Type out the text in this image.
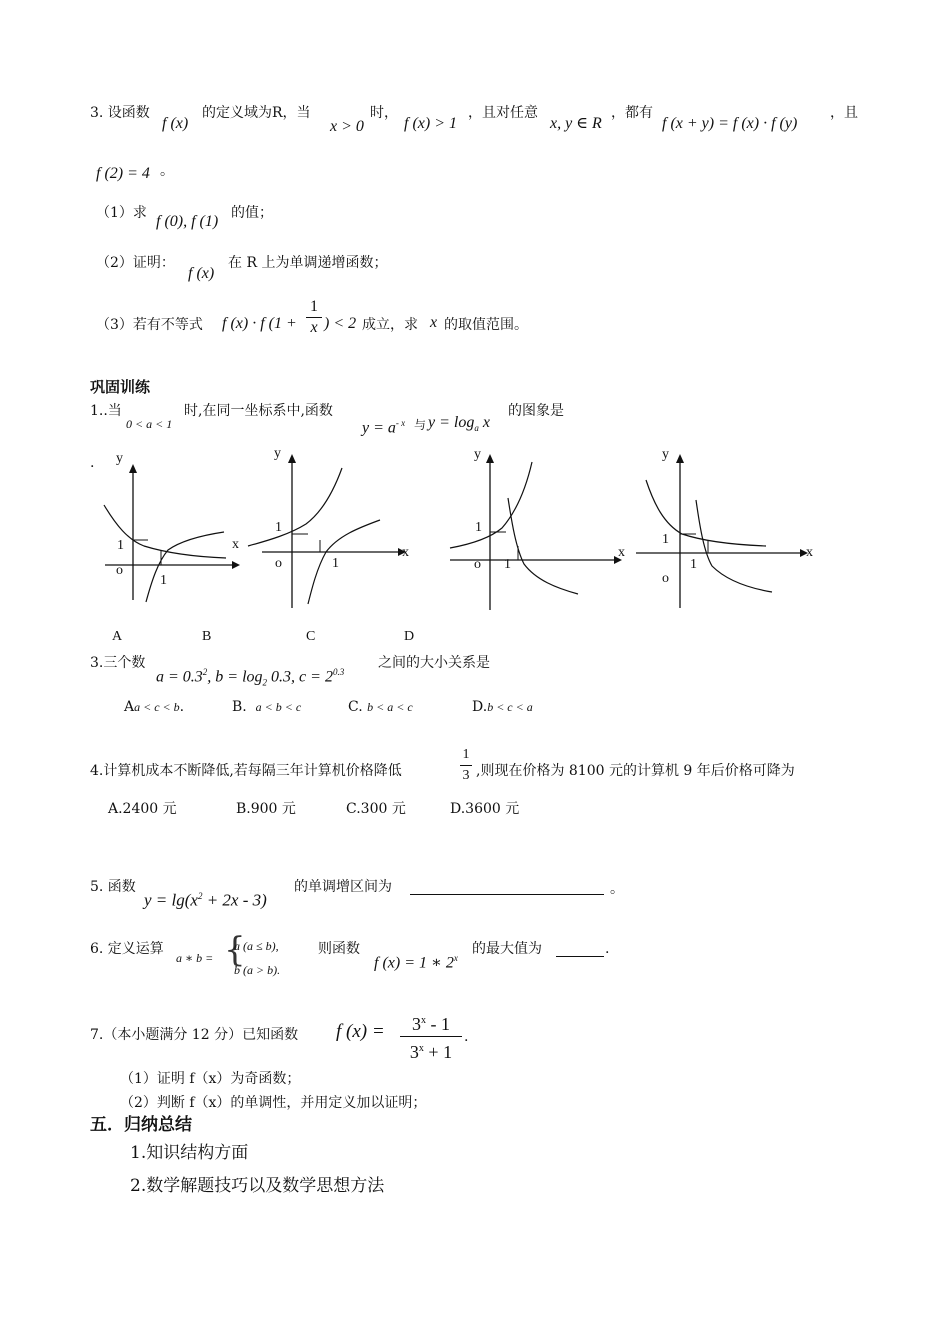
3. 设函数
f (x)
的定义域为R，当
x > 0
时，
f (x) > 1
，且对任意
x, y ∈ R
，都有
f (x + y) = f (x) · f (y)
，且
f (2) = 4 。
（1）求 f (0), f (1) 的值；
（2）证明：
f (x)
在 R 上为单调递增函数；
（3）若有不等式 f (x) · f (1 +
1
x ) < 2 成立，求 x 的取值范围。
巩固训练
1..当
0 < a < 1
时,在同一坐标系中,函数
$y = a^{- x}$ 与 $y = \log_a x$
的图象是
. y
x
1
o
1
y
x
1
o	1
y
x
1
o 1
y
x
1
o
1
A	B	C	D
3.三个数
$a = 0.3^2$, $b = \log_2 0.3$, $c = 2^{0.3}$
之间的大小关系是
Aa < c < b.	B. a < b < c	C. b < a < c	D.b < c < a
4.计算机成本不断降低,若每隔三年计算机价格降低
1
3 ,则现在价格为 8100 元的计算机 9 年后价格可降为
A.2400 元	B.900 元	C.300 元	D.3600 元
5. 函数
$y = \lg(x^2 + 2x - 3)$
的单调增区间为	。
6. 定义运算
a ∗ b = {
a (a ≤ b),
b (a > b).
则函数
f (x) = 1 ∗ 2$^x$
的最大值为	.
7.（本小题满分 12 分）已知函数 f (x) =	$3^x - 1$
$3^x + 1$
.
（1）证明 f（x）为奇函数；
（2）判断 f（x）的单调性，并用定义加以证明；
五．归纳总结
1.知识结构方面
2.数学解题技巧以及数学思想方法
